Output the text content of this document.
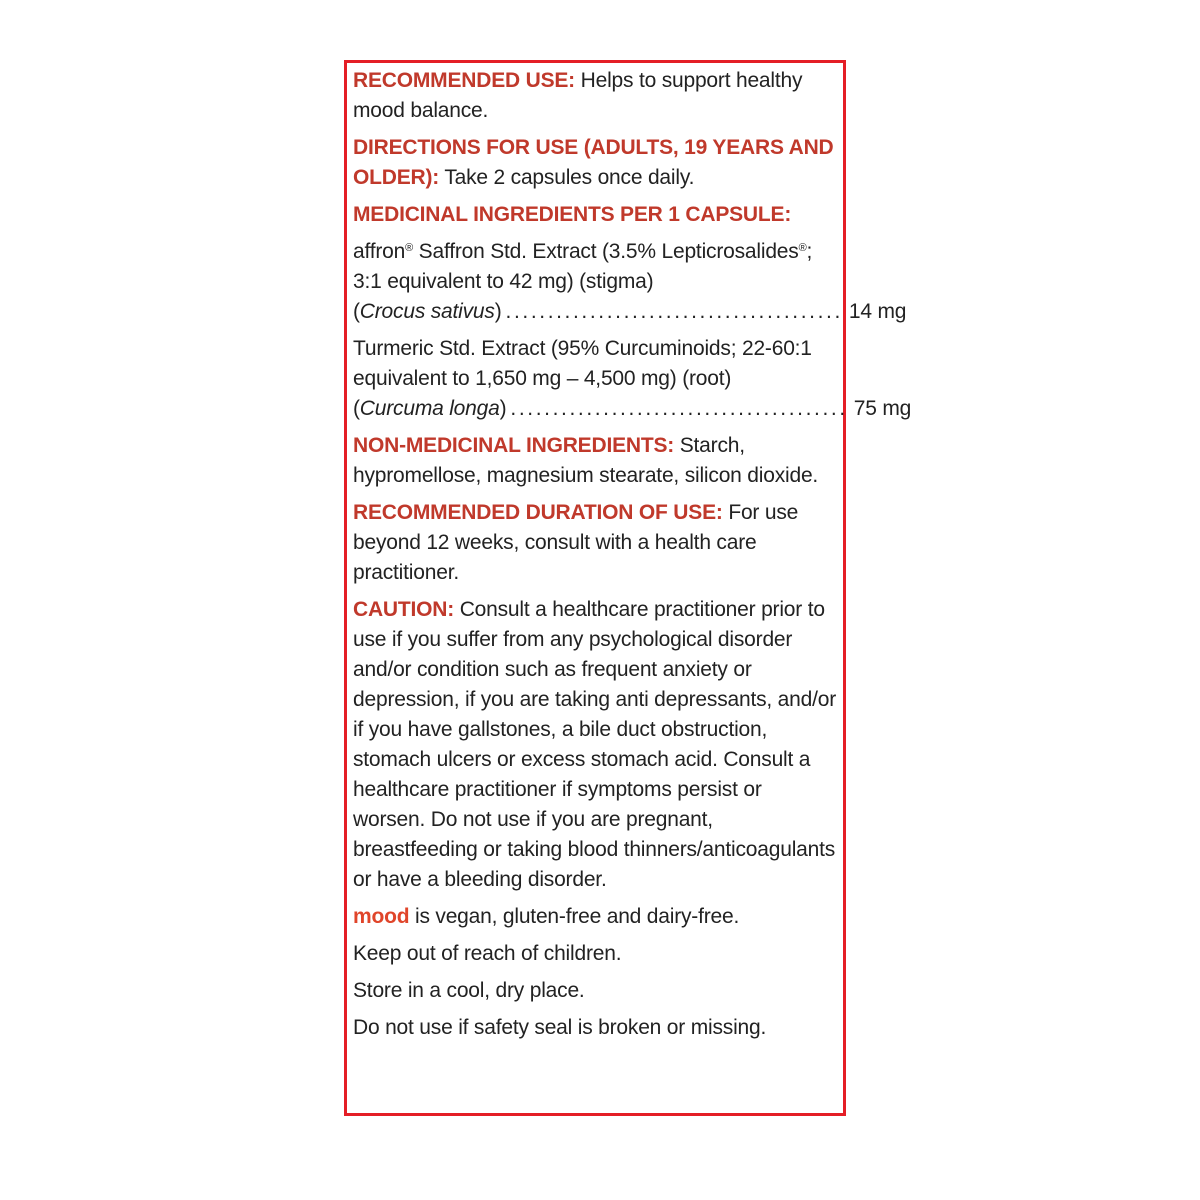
RECOMMENDED USE: Helps to support healthy mood balance.
DIRECTIONS FOR USE (ADULTS, 19 YEARS AND OLDER): Take 2 capsules once daily.
MEDICINAL INGREDIENTS PER 1 CAPSULE:
affron® Saffron Std. Extract (3.5% Lepticrosalides®;
3:1 equivalent to 42 mg) (stigma)
(Crocus sativus) ........................................ 14 mg
Turmeric Std. Extract (95% Curcuminoids; 22-60:1
equivalent to 1,650 mg – 4,500 mg) (root)
(Curcuma longa) ........................................ 75 mg
NON-MEDICINAL INGREDIENTS: Starch, hypromellose, magnesium stearate, silicon dioxide.
RECOMMENDED DURATION OF USE: For use beyond 12 weeks, consult with a health care practitioner.
CAUTION: Consult a healthcare practitioner prior to use if you suffer from any psychological disorder and/or condition such as frequent anxiety or depression, if you are taking anti depressants, and/or if you have gallstones, a bile duct obstruction, stomach ulcers or excess stomach acid. Consult a healthcare practitioner if symptoms persist or worsen. Do not use if you are pregnant, breastfeeding or taking blood thinners/anticoagulants or have a bleeding disorder.
mood is vegan, gluten-free and dairy-free.
Keep out of reach of children.
Store in a cool, dry place.
Do not use if safety seal is broken or missing.
